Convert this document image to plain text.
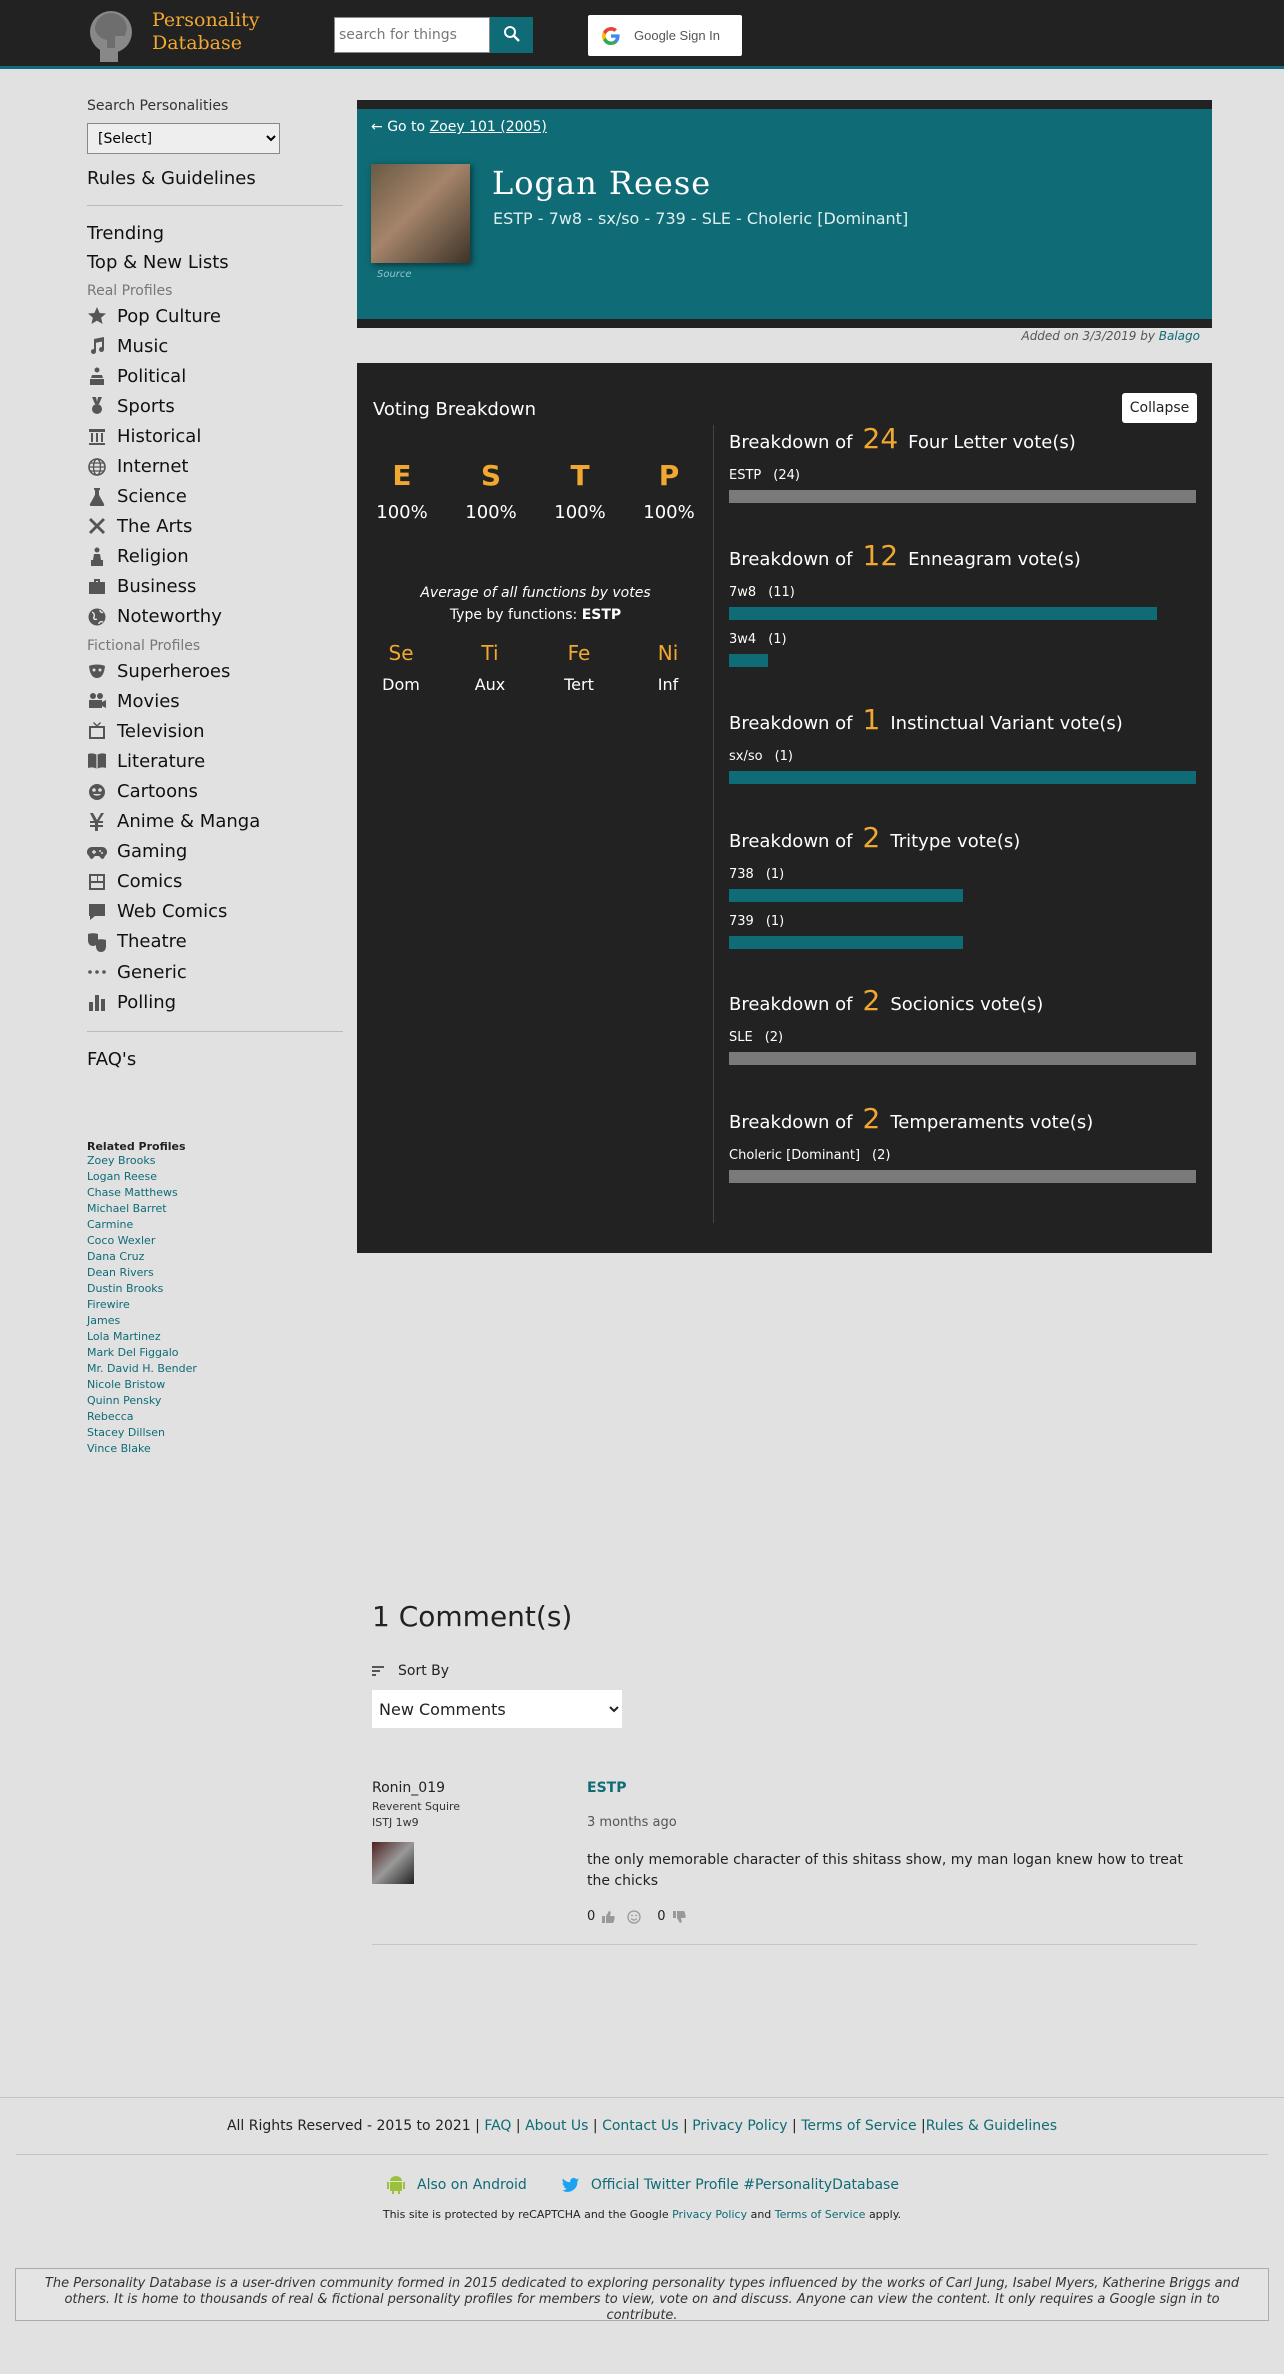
Personality
Database
search for things	Google Sign In
Search Personalities
[Select]
Rules & Guidelines
Trending
Top & New Lists
Real Profiles
Pop Culture
Music
Political
Sports
Historical
Internet
Science
The Arts
Religion
Business
Noteworthy
Fictional Profiles
Superheroes
Movies
Television
Literature
Cartoons
Anime & Manga
Gaming
Comics
Web Comics
Theatre
Generic
Polling
FAQ's
Related Profiles
Zoey Brooks
Logan Reese
Chase Matthews
Michael Barret
Carmine
Coco Wexler
Dana Cruz
Dean Rivers
Dustin Brooks
Firewire
James
Lola Martinez
Mark Del Figgalo
Mr. David H. Bender
Nicole Bristow
Quinn Pensky
Rebecca
Stacey Dillsen
Vince Blake
← Go to Zoey 101 (2005)
Source
Logan Reese
ESTP - 7w8 - sx/so - 739 - SLE - Choleric [Dominant]
Added on 3/3/2019 by Balago
Voting Breakdown	Collapse
E
100%
S
100%
T
100%
P
100%
Average of all functions by votes
Type by functions: ESTP
Se
Dom
Ti
Aux
Fe
Tert
Ni
Inf
Breakdown of 24 Four Letter vote(s)
ESTP (24)
Breakdown of 12 Enneagram vote(s)
7w8 (11)
3w4 (1)
Breakdown of 1 Instinctual Variant vote(s)
sx/so (1)
Breakdown of 2 Tritype vote(s)
738 (1)
739 (1)
Breakdown of 2 Socionics vote(s)
SLE (2)
Breakdown of 2 Temperaments vote(s)
Choleric [Dominant] (2)
1 Comment(s)
Sort By
New Comments
Ronin_019
Reverent Squire
ISTJ 1w9
ESTP
3 months ago
the only memorable character of this shitass show, my man logan knew how to treat the chicks
0	0
All Rights Reserved - 2015 to 2021 | FAQ | About Us | Contact Us | Privacy Policy | Terms of Service |Rules & Guidelines
Also on Android	Official Twitter Profile
#PersonalityDatabase
This site is protected by reCAPTCHA and the Google Privacy Policy and Terms of Service apply.
The Personality Database is a user-driven community formed in 2015 dedicated to exploring personality types influenced by the works of Carl Jung, Isabel Myers, Katherine Briggs and others. It is home to thousands of real & fictional personality profiles for members to view, vote on and discuss. Anyone can view the content. It only requires a Google sign in to contribute.
